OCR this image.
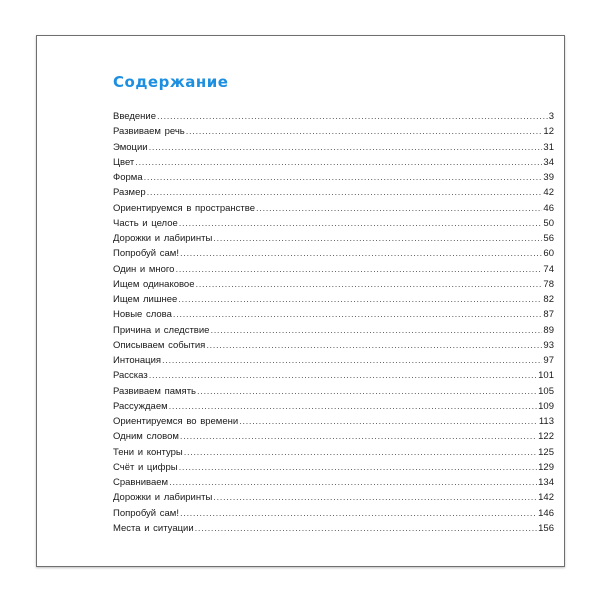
Содержание
Введение .....	3
Развиваем речь .....	12
Эмоции .....	31
Цвет .....	34
Форма .....	39
Размер .....	42
Ориентируемся в пространстве .....	46
Часть и целое .....	50
Дорожки и лабиринты .....	56
Попробуй сам! .....	60
Один и много .....	74
Ищем одинаковое .....	78
Ищем лишнее .....	82
Новые слова .....	87
Причина и следствие .....	89
Описываем события .....	93
Интонация .....	97
Рассказ .....	101
Развиваем память .....	105
Рассуждаем .....	109
Ориентируемся во времени .....	113
Одним словом .....	122
Тени и контуры .....	125
Счёт и цифры .....	129
Сравниваем .....	134
Дорожки и лабиринты .....	142
Попробуй сам! .....	146
Места и ситуации .....	156
